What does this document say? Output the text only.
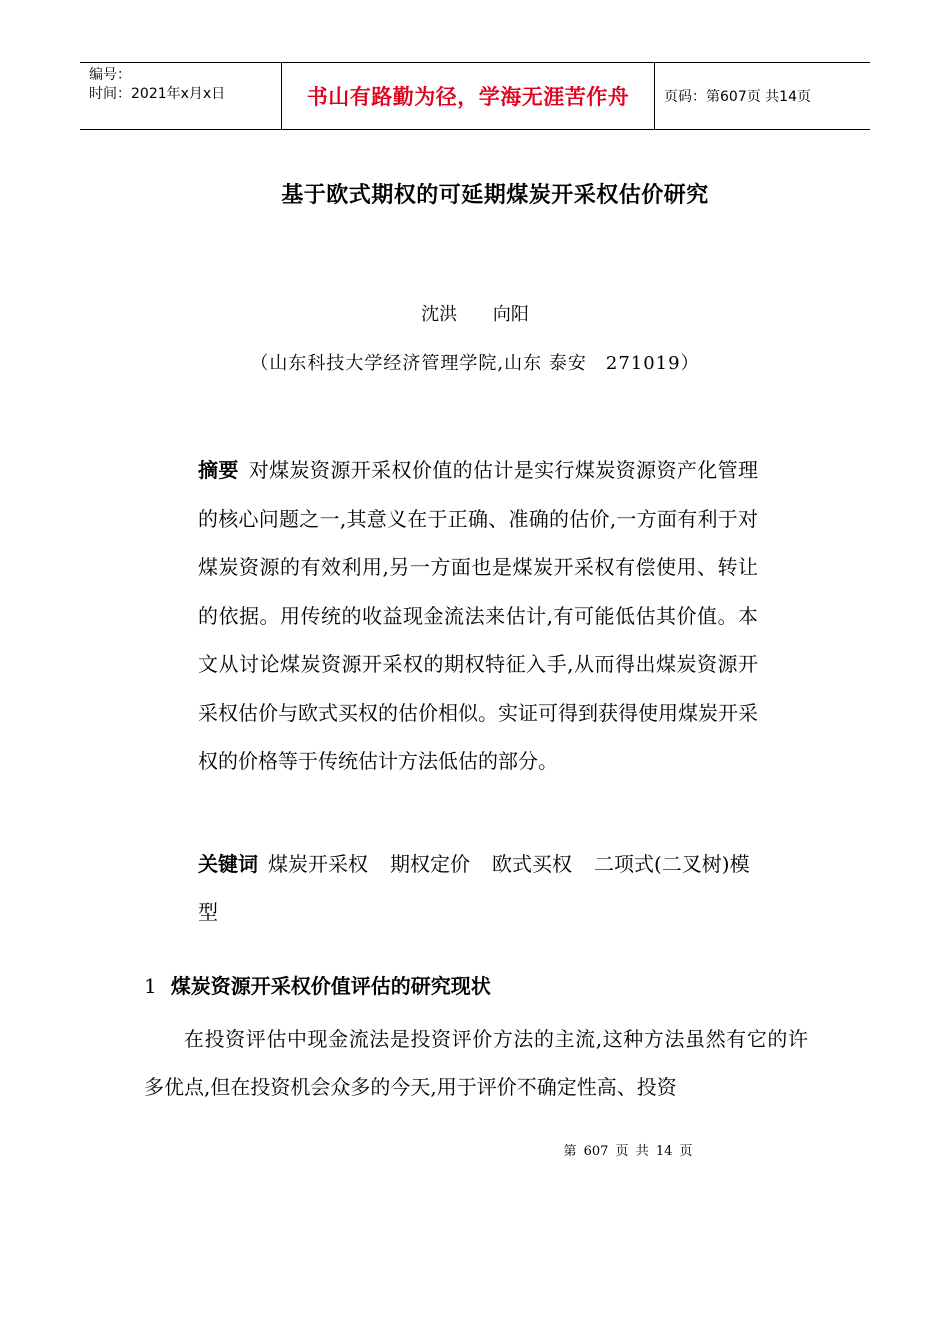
编号：
时间：2021年x月x日	书山有路勤为径，学海无涯苦作舟 页码：第607页 共14页
基于欧式期权的可延期煤炭开采权估价研究
沈洪 向阳
（山东科技大学经济管理学院,山东 泰安　271019）
摘要 对煤炭资源开采权价值的估计是实行煤炭资源资产化管理的核心问题之一,其意义在于正确、准确的估价,一方面有利于对煤炭资源的有效利用,另一方面也是煤炭开采权有偿使用、转让的依据。用传统的收益现金流法来估计,有可能低估其价值。本文从讨论煤炭资源开采权的期权特征入手,从而得出煤炭资源开采权估价与欧式买权的估价相似。实证可得到获得使用煤炭开采权的价格等于传统估计方法低估的部分。
关键词 煤炭开采权 期权定价 欧式买权 二项式(二叉树)模型
1 煤炭资源开采权价值评估的研究现状
在投资评估中现金流法是投资评价方法的主流,这种方法虽然有它的许多优点,但在投资机会众多的今天,用于评价不确定性高、投资
第 607 页 共 14 页
